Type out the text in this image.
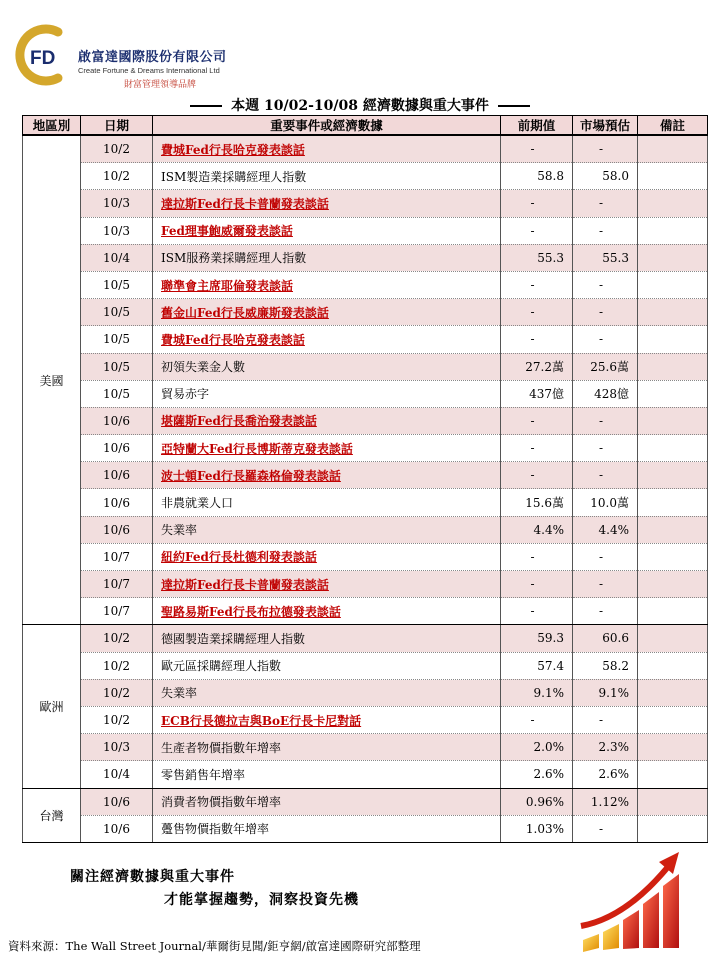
FD 啟富達國際股份有限公司
Create Fortune & Dreams International Ltd
財富管理領導品牌
本週 10/02-10/08 經濟數據與重大事件
地區別	日期	重要事件或經濟數據	前期值	市場預估	備註
美國	10/2	費城Fed行長哈克發表談話	-	-	
	10/2	ISM製造業採購經理人指數	58.8	58.0	
	10/3	達拉斯Fed行長卡普蘭發表談話	-	-	
	10/3	Fed理事鮑威爾發表談話	-	-	
	10/4	ISM服務業採購經理人指數	55.3	55.3	
	10/5	聯準會主席耶倫發表談話	-	-	
	10/5	舊金山Fed行長威廉斯發表談話	-	-	
	10/5	費城Fed行長哈克發表談話	-	-	
	10/5	初領失業金人數	27.2萬	25.6萬	
	10/5	貿易赤字	437億	428億	
	10/6	堪薩斯Fed行長喬治發表談話	-	-	
	10/6	亞特蘭大Fed行長博斯蒂克發表談話	-	-	
	10/6	波士頓Fed行長羅森格倫發表談話	-	-	
	10/6	非農就業人口	15.6萬	10.0萬	
	10/6	失業率	4.4%	4.4%	
	10/7	紐約Fed行長杜德利發表談話	-	-	
	10/7	達拉斯Fed行長卡普蘭發表談話	-	-	
	10/7	聖路易斯Fed行長布拉德發表談話	-	-	
歐洲	10/2	德國製造業採購經理人指數	59.3	60.6	
	10/2	歐元區採購經理人指數	57.4	58.2	
	10/2	失業率	9.1%	9.1%	
	10/2	ECB行長德拉吉與BoE行長卡尼對話	-	-	
	10/3	生產者物價指數年增率	2.0%	2.3%	
	10/4	零售銷售年增率	2.6%	2.6%	
台灣	10/6	消費者物價指數年增率	0.96%	1.12%	
	10/6	躉售物價指數年增率	1.03%	-	
關注經濟數據與重大事件
才能掌握趨勢，洞察投資先機
資料來源：The Wall Street Journal/華爾街見聞/鉅亨網/啟富達國際研究部整理
